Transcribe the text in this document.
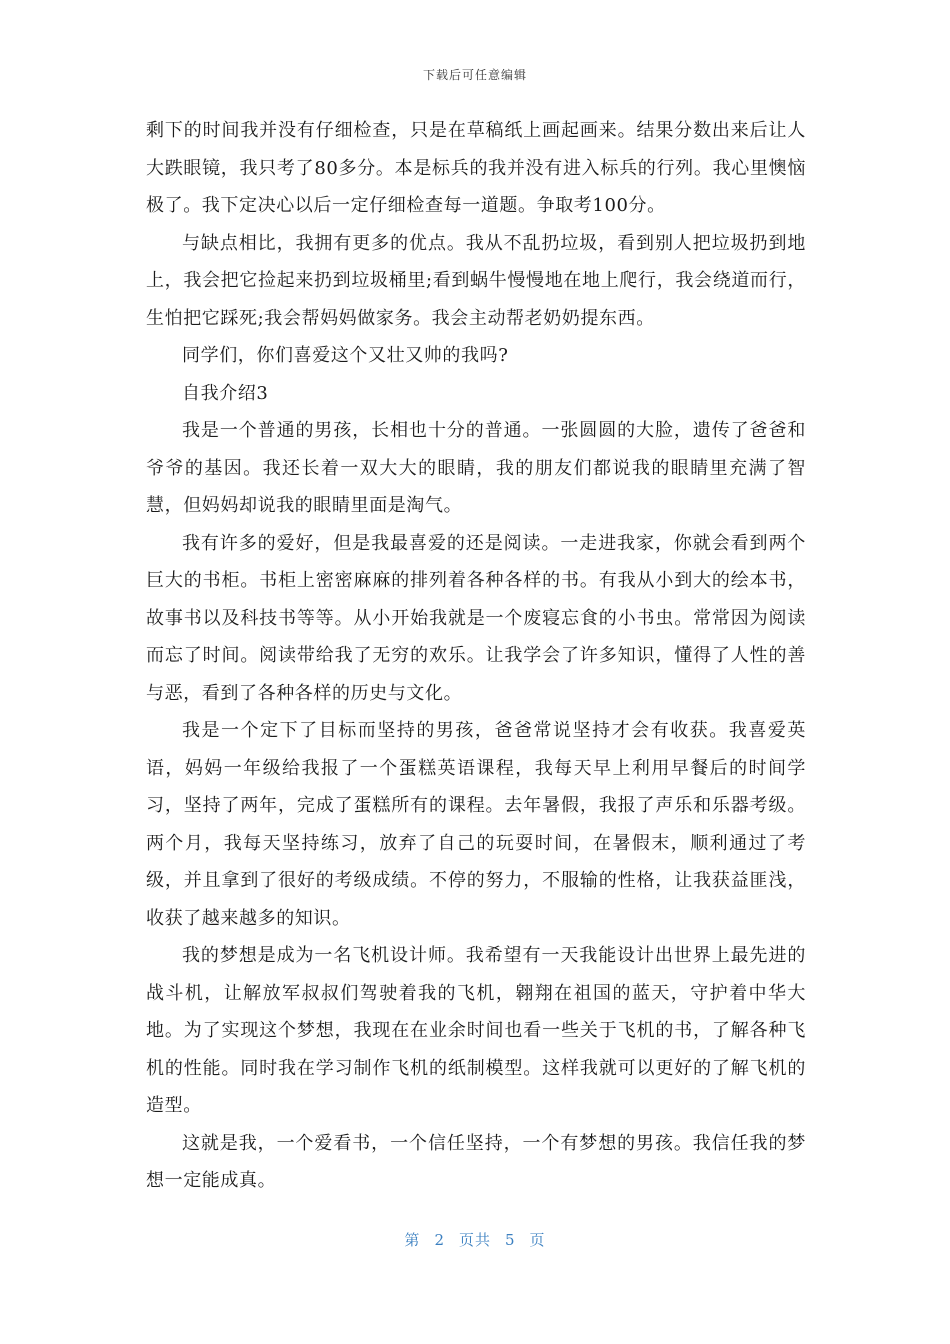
下载后可任意编辑

剩下的时间我并没有仔细检查，只是在草稿纸上画起画来。结果分数出来后让人大跌眼镜，我只考了80多分。本是标兵的我并没有进入标兵的行列。我心里懊恼极了。我下定决心以后一定仔细检查每一道题。争取考100分。

与缺点相比，我拥有更多的优点。我从不乱扔垃圾，看到别人把垃圾扔到地上，我会把它捡起来扔到垃圾桶里;看到蜗牛慢慢地在地上爬行，我会绕道而行，生怕把它踩死;我会帮妈妈做家务。我会主动帮老奶奶提东西。

同学们，你们喜爱这个又壮又帅的我吗?

自我介绍3

我是一个普通的男孩，长相也十分的普通。一张圆圆的大脸，遗传了爸爸和爷爷的基因。我还长着一双大大的眼睛，我的朋友们都说我的眼睛里充满了智慧，但妈妈却说我的眼睛里面是淘气。

我有许多的爱好，但是我最喜爱的还是阅读。一走进我家，你就会看到两个巨大的书柜。书柜上密密麻麻的排列着各种各样的书。有我从小到大的绘本书，故事书以及科技书等等。从小开始我就是一个废寝忘食的小书虫。常常因为阅读而忘了时间。阅读带给我了无穷的欢乐。让我学会了许多知识，懂得了人性的善与恶，看到了各种各样的历史与文化。

我是一个定下了目标而坚持的男孩，爸爸常说坚持才会有收获。我喜爱英语，妈妈一年级给我报了一个蛋糕英语课程，我每天早上利用早餐后的时间学习，坚持了两年，完成了蛋糕所有的课程。去年暑假，我报了声乐和乐器考级。两个月，我每天坚持练习，放弃了自己的玩耍时间，在暑假末，顺利通过了考级，并且拿到了很好的考级成绩。不停的努力，不服输的性格，让我获益匪浅，收获了越来越多的知识。

我的梦想是成为一名飞机设计师。我希望有一天我能设计出世界上最先进的战斗机，让解放军叔叔们驾驶着我的飞机，翱翔在祖国的蓝天，守护着中华大地。为了实现这个梦想，我现在在业余时间也看一些关于飞机的书，了解各种飞机的性能。同时我在学习制作飞机的纸制模型。这样我就可以更好的了解飞机的造型。

这就是我，一个爱看书，一个信任坚持，一个有梦想的男孩。我信任我的梦想一定能成真。

第 2 页共 5 页
